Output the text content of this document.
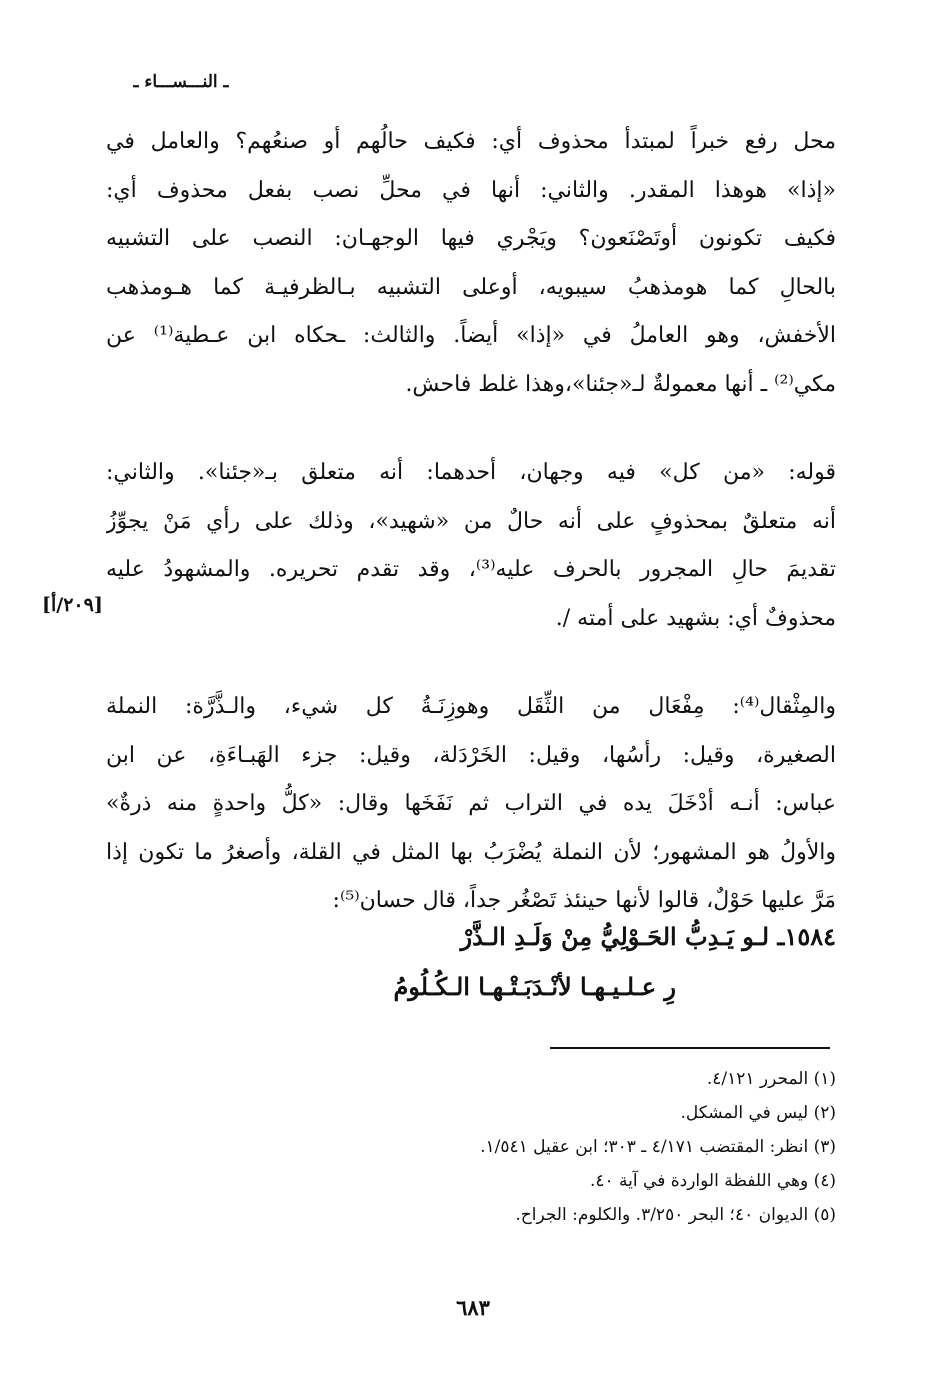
ـ النـــســـاء ـ

محل رفع خبراً لمبتدأ محذوف أي: فكيف حالُهم أو صنعُهم؟ والعامل في

«إذا» هوهذا المقدر. والثاني: أنها في محلِّ نصب بفعل محذوف أي:

فكيف تكونون أوتَصْنَعون؟ ويَجْري فيها الوجهـان: النصب على التشبيه

بالحالِ كما هومذهبُ سيبويه، أوعلى التشبيه بـالظرفيـة كما هـومذهب

الأخفش، وهو العاملُ في «إذا» أيضاً. والثالث: ـحكاه ابن عـطية⁽¹⁾ عن

مكي⁽²⁾ ـ أنها معمولةٌ لـ«جئنا»،وهذا غلط فاحش.

قوله: «من كل» فيه وجهان، أحدهما: أنه متعلق بـ«جئنا». والثاني:

أنه متعلقٌ بمحذوفٍ على أنه حالٌ من «شهيد»، وذلك على رأي مَنْ يجوِّزُ

تقديمَ حالِ المجرور بالحرف عليه⁽³⁾، وقد تقدم تحريره. والمشهودُ عليه

محذوفٌ أي: بشهيد على أمته /.

والمِثْقال⁽⁴⁾: مِفْعَال من الثِّقَل وهوزِنَـةُ كل شيء، والـذَّرَّة: النملة

الصغيرة، وقيل: رأسُها، وقيل: الخَرْدَلة، وقيل: جزء الهَبـاءَةِ، عن ابن

عباس: أنـه أدْخَلَ يده في التراب ثم نَفَخَها وقال: «كلُّ واحدةٍ منه ذرةٌ»

والأولُ هو المشهور؛ لأن النملة يُضْرَبُ بها المثل في القلة، وأصغرُ ما تكون إذا

مَرَّ عليها حَوْلٌ، قالوا لأنها حينئذ تَصْغُر جداً، قال حسان⁽⁵⁾:

[٢٠٩/أ]
١٥٨٤ـ لـو يَـدِبُّ الحَـوْلِيُّ مِنْ وَلَـدِ الـذَّرْ
رِ عـلـيـهـا لأنْـدَبَـتْـهـا الـكُـلُومُ
(١) المحرر ٤/١٢١.
(٢) ليس في المشكل.
(٣) انظر: المقتضب ٤/١٧١ ـ ٣٠٣؛ ابن عقيل ١/٥٤١.
(٤) وهي اللفظة الواردة في آية ٤٠.
(٥) الديوان ٤٠؛ البحر ٣/٢٥٠. والكلوم: الجراح.
٦٨٣
